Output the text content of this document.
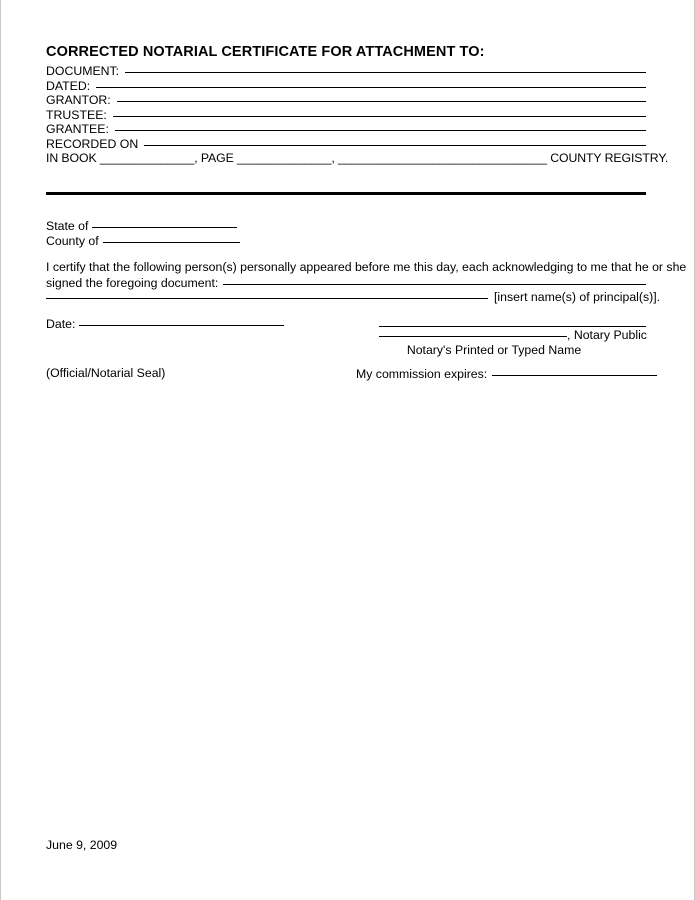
CORRECTED NOTARIAL CERTIFICATE FOR ATTACHMENT TO:
DOCUMENT:
DATED:
GRANTOR:
TRUSTEE:
GRANTEE:
RECORDED ON
IN BOOK ______________, PAGE ______________, _______________________________ COUNTY REGISTRY.
State of
County of
I certify that the following person(s) personally appeared before me this day, each acknowledging to me that he or she
signed the foregoing document:
[insert name(s) of principal(s)].
Date:
, Notary Public
Notary's Printed or Typed Name
(Official/Notarial Seal)	My commission expires:
June 9, 2009
